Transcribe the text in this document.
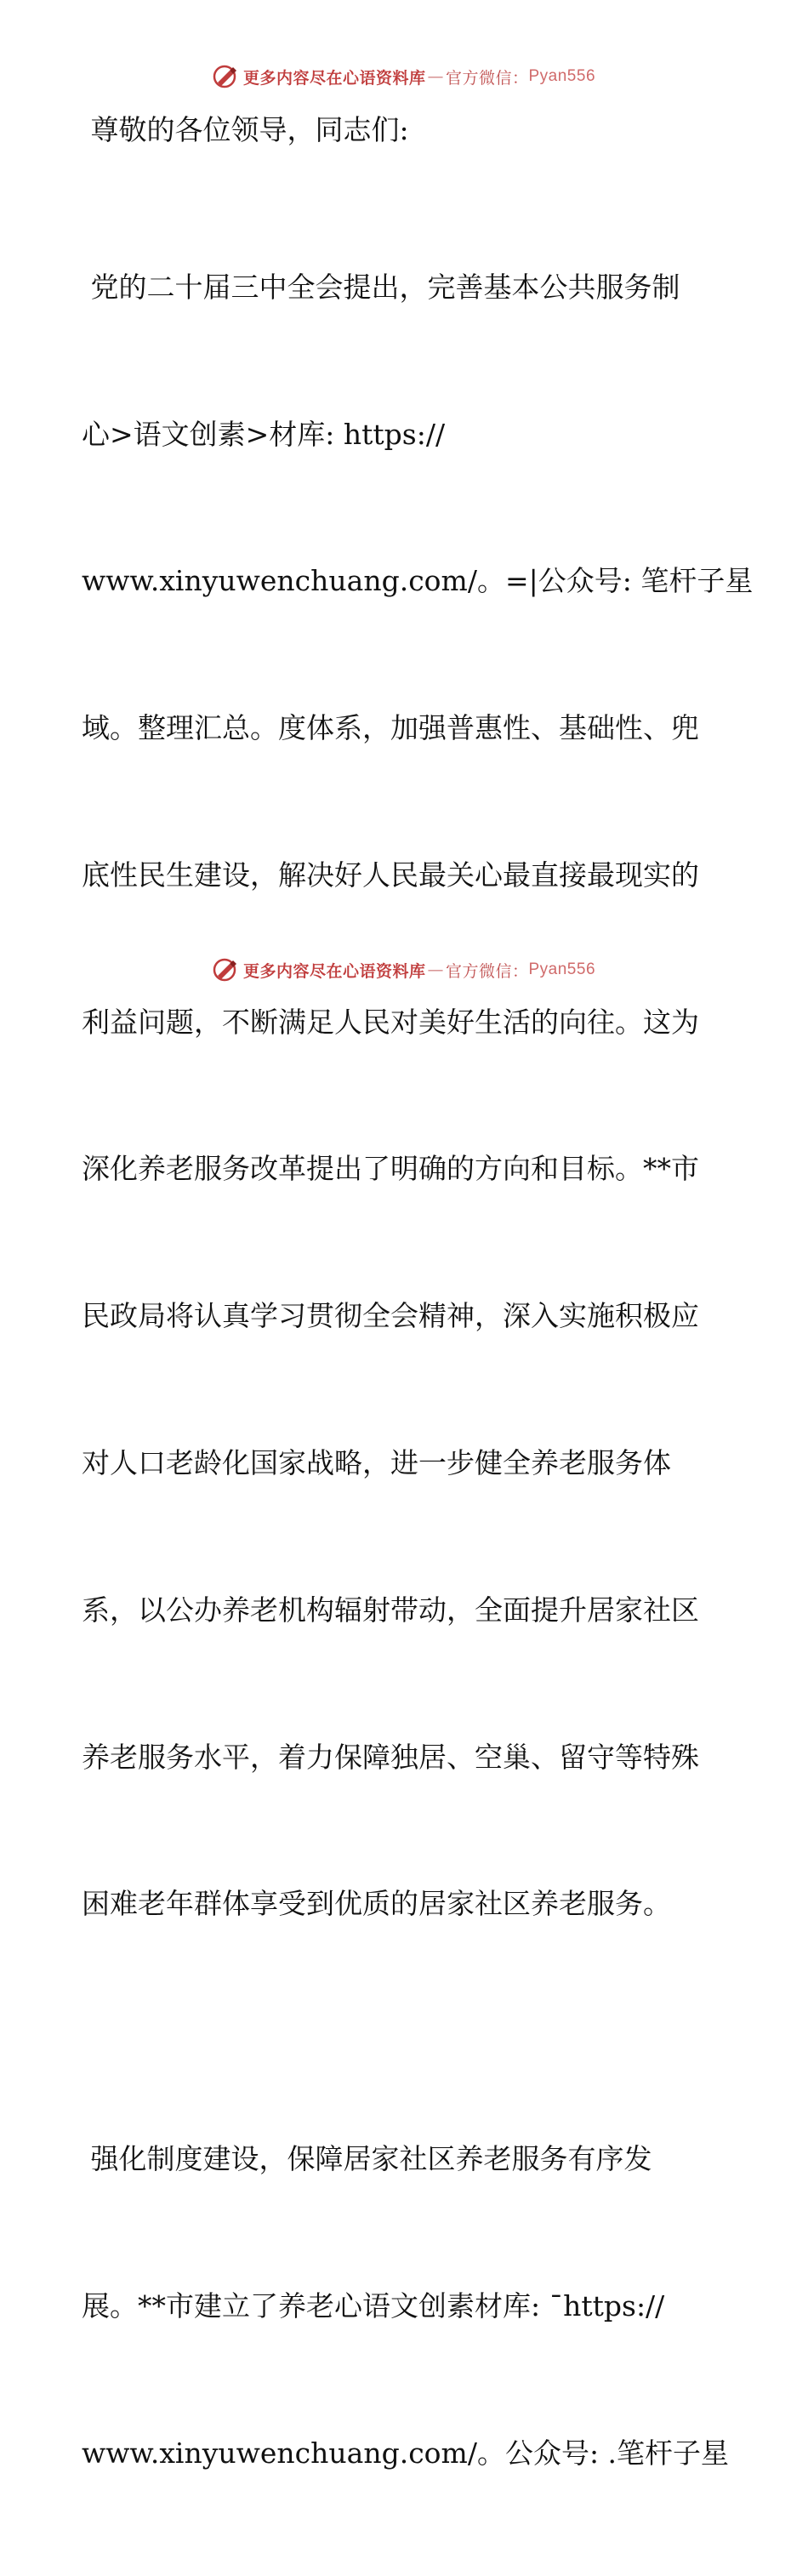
更多内容尽在心语资料库 — 官方微信： Pyan556

尊敬的各位领导，同志们:

党的二十届三中全会提出，完善基本公共服务制

心>语文创素>材库: https://

www.xinyuwenchuang.com/。=|公众号: 笔杆子星

域。整理汇总。度体系，加强普惠性、基础性、兜

底性民生建设，解决好人民最关心最直接最现实的

利益问题，不断满足人民对美好生活的向往。这为

深化养老服务改革提出了明确的方向和目标。**市

民政局将认真学习贯彻全会精神，深入实施积极应

对人口老龄化国家战略，进一步健全养老服务体

系，以公办养老机构辐射带动，全面提升居家社区

养老服务水平，着力保障独居、空巢、留守等特殊

困难老年群体享受到优质的居家社区养老服务。

强化制度建设，保障居家社区养老服务有序发

展。**市建立了养老心语文创素材库: ¯https://

www.xinyuwenchuang.com/。公众号: .笔杆子星

更多内容尽在心语资料库 — 官方微信： Pyan556
